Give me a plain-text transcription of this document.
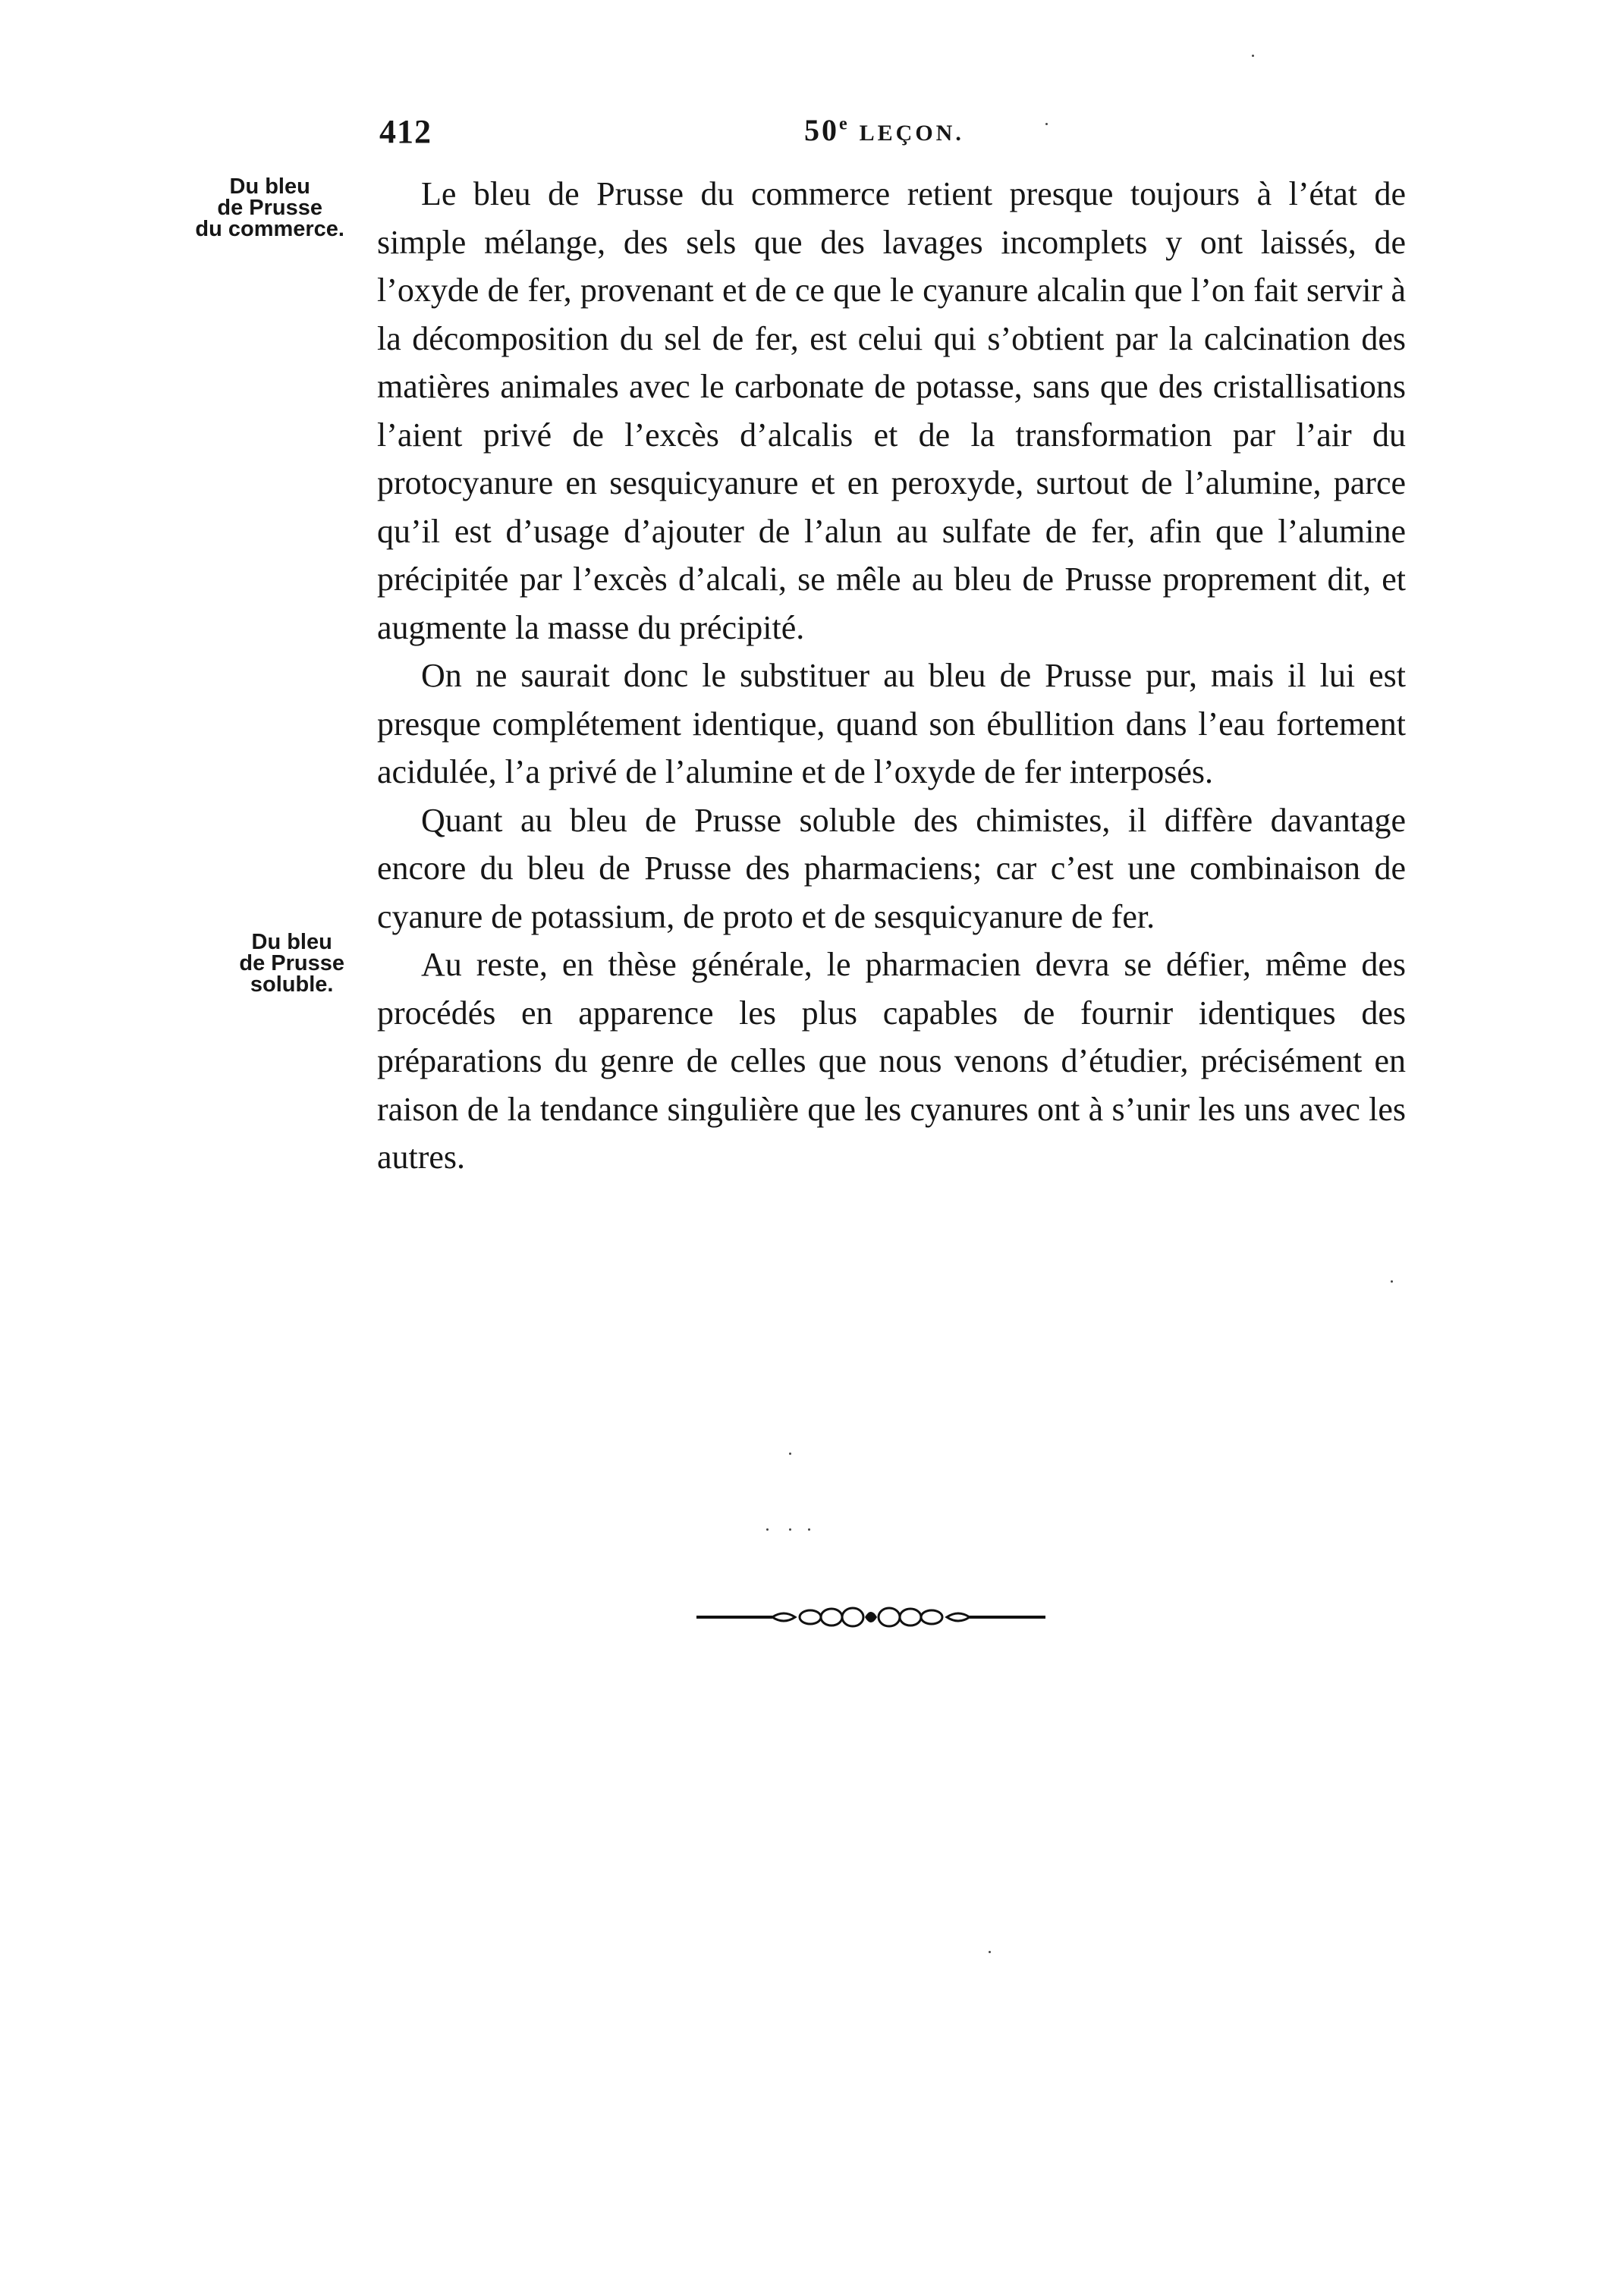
412	50e LEÇON.
Du bleu
de Prusse
du commerce.
Du bleu
de Prusse
soluble.

Le bleu de Prusse du commerce retient presque toujours à l’état de simple mélange, des sels que des lavages incomplets y ont laissés, de l’oxyde de fer, provenant et de ce que le cyanure alcalin que l’on fait servir à la décomposition du sel de fer, est celui qui s’obtient par la calcination des matières animales avec le carbonate de potasse, sans que des cristallisations l’aient privé de l’excès d’alcalis et de la transformation par l’air du protocyanure en sesquicyanure et en peroxyde, surtout de l’alumine, parce qu’il est d’usage d’ajouter de l’alun au sulfate de fer, afin que l’alumine précipitée par l’excès d’alcali, se mêle au bleu de Prusse proprement dit, et augmente la masse du précipité.

On ne saurait donc le substituer au bleu de Prusse pur, mais il lui est presque complétement identique, quand son ébullition dans l’eau fortement acidulée, l’a privé de l’alumine et de l’oxyde de fer interposés.

Quant au bleu de Prusse soluble des chimistes, il diffère davantage encore du bleu de Prusse des pharmaciens; car c’est une combinaison de cyanure de potassium, de proto et de sesquicyanure de fer.

Au reste, en thèse générale, le pharmacien devra se défier, même des procédés en apparence les plus capables de fournir identiques des préparations du genre de celles que nous venons d’étudier, précisément en raison de la tendance singulière que les cyanures ont à s’unir les uns avec les autres.
